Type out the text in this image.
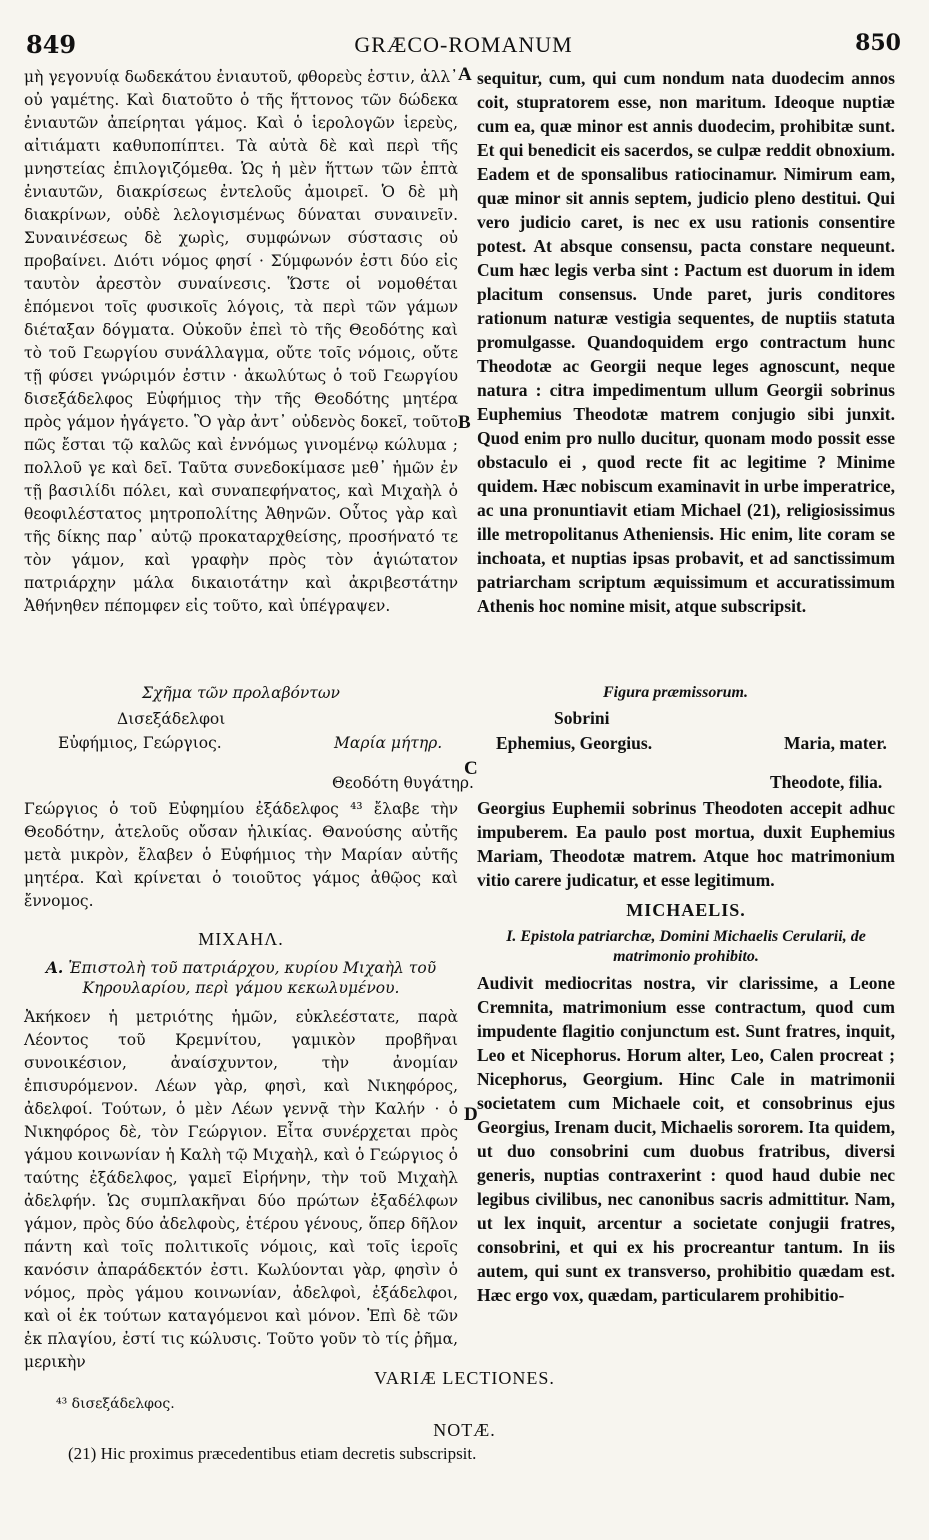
849	GRÆCO-ROMANUM	850
A
B
C
D

μὴ γεγονυίᾳ δωδεκάτου ἐνιαυτοῦ, φθορεὺς ἐστιν, ἀλλ᾽ οὐ γαμέτης. Καὶ διατοῦτο ὁ τῆς ἥττονος τῶν δώδεκα ἐνιαυτῶν ἀπείρηται γάμος. Καὶ ὁ ἱερολογῶν ἱερεὺς, αἰτιάματι καθυποπίπτει. Τὰ αὐτὰ δὲ καὶ περὶ τῆς μνηστείας ἐπιλογιζόμεθα. Ὡς ἡ μὲν ἥττων τῶν ἑπτὰ ἐνιαυτῶν, διακρίσεως ἐντελοῦς ἀμοιρεῖ. Ὁ δὲ μὴ διακρίνων, οὐδὲ λελογισμένως δύναται συναινεῖν. Συναινέσεως δὲ χωρὶς, συμφώνων σύστασις οὐ προβαίνει. Διότι νόμος φησί · Σύμφωνόν ἐστι δύο εἰς ταυτὸν ἀρεστὸν συναίνεσις. Ὥστε οἱ νομοθέται ἑπόμενοι τοῖς φυσικοῖς λόγοις, τὰ περὶ τῶν γάμων διέταξαν δόγματα. Οὐκοῦν ἐπεὶ τὸ τῆς Θεοδότης καὶ τὸ τοῦ Γεωργίου συνάλλαγμα, οὔτε τοῖς νόμοις, οὔτε τῇ φύσει γνώριμόν ἐστιν · ἀκωλύτως ὁ τοῦ Γεωργίου δισεξάδελφος Εὐφήμιος τὴν τῆς Θεοδότης μητέρα πρὸς γάμον ἠγάγετο. Ὃ γὰρ ἀντ᾽ οὐδενὸς δοκεῖ, τοῦτο πῶς ἔσται τῷ καλῶς καὶ ἐννόμως γινομένῳ κώλυμα ; πολλοῦ γε καὶ δεῖ. Ταῦτα συνεδοκίμασε μεθ᾽ ἡμῶν ἐν τῇ βασιλίδι πόλει, καὶ συναπεφήνατος, καὶ Μιχαὴλ ὁ θεοφιλέστατος μητροπολίτης Ἀθηνῶν. Οὗτος γὰρ καὶ τῆς δίκης παρ᾽ αὐτῷ προκαταρχθείσης, προσήνατό τε τὸν γάμον, καὶ γραφὴν πρὸς τὸν ἁγιώτατον πατριάρχην μάλα δικαιοτάτην καὶ ἀκριβεστάτην Ἀθήνηθεν πέπομφεν εἰς τοῦτο, καὶ ὑπέγραψεν.

Σχῆμα τῶν προλαβόντων
Δισεξάδελφοι
Εὐφήμιος, Γεώργιος.	Μαρία μήτηρ.
Θεοδότη θυγάτηρ.

Γεώργιος ὁ τοῦ Εὐφημίου ἐξάδελφος ⁴³ ἔλαβε τὴν Θεοδότην, ἀτελοῦς οὔσαν ἡλικίας. Θανούσης αὐτῆς μετὰ μικρὸν, ἔλαβεν ὁ Εὐφήμιος τὴν Μαρίαν αὐτῆς μητέρα. Καὶ κρίνεται ὁ τοιοῦτος γάμος ἀθῷος καὶ ἔννομος.

ΜΙΧΑΗΛ.

Α. Ἐπιστολὴ τοῦ πατριάρχου, κυρίου Μιχαὴλ τοῦ Κηρουλαρίου, περὶ γάμου κεκωλυμένου.

Ἀκήκοεν ἡ μετριότης ἡμῶν, εὐκλεέστατε, παρὰ Λέοντος τοῦ Κρεμνίτου, γαμικὸν προβῆναι συνοικέσιον, ἀναίσχυντον, τὴν ἀνομίαν ἐπισυρόμενον. Λέων γὰρ, φησὶ, καὶ Νικηφόρος, ἀδελφοί. Τούτων, ὁ μὲν Λέων γεννᾷ τὴν Καλήν · ὁ Νικηφόρος δὲ, τὸν Γεώργιον. Εἶτα συνέρχεται πρὸς γάμου κοινωνίαν ἡ Καλὴ τῷ Μιχαὴλ, καὶ ὁ Γεώργιος ὁ ταύτης ἐξάδελφος, γαμεῖ Εἰρήνην, τὴν τοῦ Μιχαὴλ ἀδελφήν. Ὡς συμπλακῆναι δύο πρώτων ἐξαδέλφων γάμον, πρὸς δύο ἀδελφοὺς, ἑτέρου γένους, ὅπερ δῆλον πάντη καὶ τοῖς πολιτικοῖς νόμοις, καὶ τοῖς ἱεροῖς κανόσιν ἀπαράδεκτόν ἐστι. Κωλύονται γὰρ, φησὶν ὁ νόμος, πρὸς γάμου κοινωνίαν, ἀδελφοὶ, ἐξάδελφοι, καὶ οἱ ἐκ τούτων καταγόμενοι καὶ μόνον. Ἐπὶ δὲ τῶν ἐκ πλαγίου, ἐστί τις κώλυσις. Τοῦτο γοῦν τὸ τίς ῥῆμα, μερικὴν

sequitur, cum, qui cum nondum nata duodecim annos coit, stupratorem esse, non maritum. Ideoque nuptiæ cum ea, quæ minor est annis duodecim, prohibitæ sunt. Et qui benedicit eis sacerdos, se culpæ reddit obnoxium. Eadem et de sponsalibus ratiocinamur. Nimirum eam, quæ minor sit annis septem, judicio pleno destitui. Qui vero judicio caret, is nec ex usu rationis consentire potest. At absque consensu, pacta constare nequeunt. Cum hæc legis verba sint : Pactum est duorum in idem placitum consensus. Unde paret, juris conditores rationum naturæ vestigia sequentes, de nuptiis statuta promulgasse. Quandoquidem ergo contractum hunc Theodotæ ac Georgii neque leges agnoscunt, neque natura : citra impedimentum ullum Georgii sobrinus Euphemius Theodotæ matrem conjugio sibi junxit. Quod enim pro nullo ducitur, quonam modo possit esse obstaculo ei , quod recte fit ac legitime ? Minime quidem. Hæc nobiscum examinavit in urbe imperatrice, ac una pronuntiavit etiam Michael (21), religiosissimus ille metropolitanus Atheniensis. Hic enim, lite coram se inchoata, et nuptias ipsas probavit, et ad sanctissimum patriarcham scriptum æquissimum et accuratissimum Athenis hoc nomine misit, atque subscripsit.

Figura præmissorum.
Sobrini
Ephemius, Georgius.	Maria, mater.
Theodote, filia.

Georgius Euphemii sobrinus Theodoten accepit adhuc impuberem. Ea paulo post mortua, duxit Euphemius Mariam, Theodotæ matrem. Atque hoc matrimonium vitio carere judicatur, et esse legitimum.

MICHAELIS.

I. Epistola patriarchæ, Domini Michaelis Cerularii, de matrimonio prohibito.

Audivit mediocritas nostra, vir clarissime, a Leone Cremnita, matrimonium esse contractum, quod cum impudente flagitio conjunctum est. Sunt fratres, inquit, Leo et Nicephorus. Horum alter, Leo, Calen procreat ; Nicephorus, Georgium. Hinc Cale in matrimonii societatem cum Michaele coit, et consobrinus ejus Georgius, Irenam ducit, Michaelis sororem. Ita quidem, ut duo consobrini cum duobus fratribus, diversi generis, nuptias contraxerint : quod haud dubie nec legibus civilibus, nec canonibus sacris admittitur. Nam, ut lex inquit, arcentur a societate conjugii fratres, consobrini, et qui ex his procreantur tantum. In iis autem, qui sunt ex transverso, prohibitio quædam est. Hæc ergo vox, quædam, particularem prohibitio-

VARIÆ LECTIONES.
⁴³ δισεξάδελφος.
NOTÆ.
(21) Hic proximus præcedentibus etiam decretis subscripsit.
